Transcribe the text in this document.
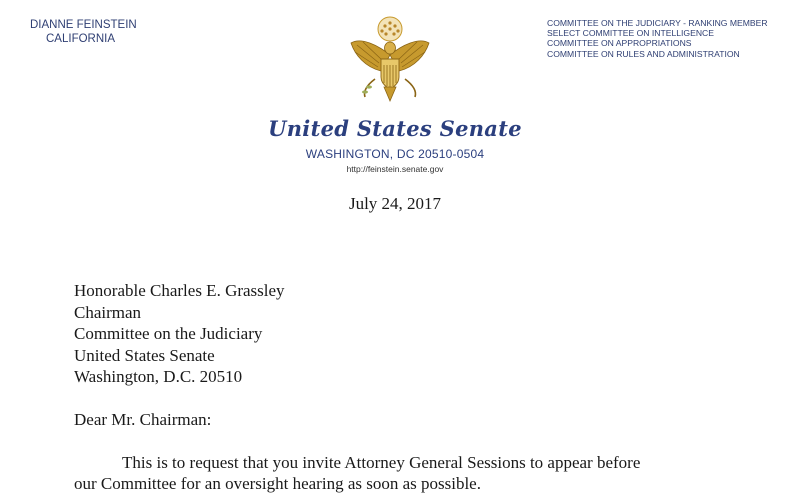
DIANNE FEINSTEIN
CALIFORNIA
COMMITTEE ON THE JUDICIARY - RANKING MEMBER
SELECT COMMITTEE ON INTELLIGENCE
COMMITTEE ON APPROPRIATIONS
COMMITTEE ON RULES AND ADMINISTRATION
United States Senate
WASHINGTON, DC 20510-0504
http://feinstein.senate.gov
July 24, 2017
Honorable Charles E. Grassley
Chairman
Committee on the Judiciary
United States Senate
Washington, D.C. 20510
Dear Mr. Chairman:
This is to request that you invite Attorney General Sessions to appear before
our Committee for an oversight hearing as soon as possible.
